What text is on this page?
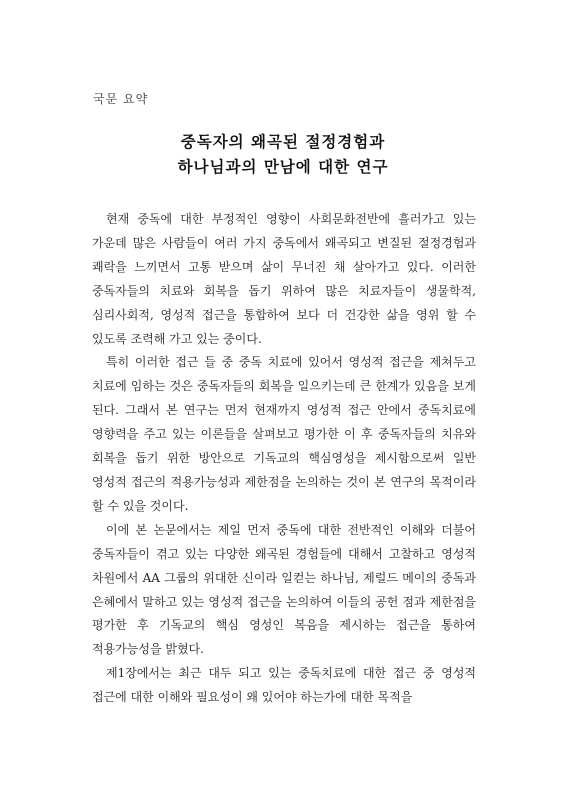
국문 요약
중독자의 왜곡된 절정경험과
하나님과의 만남에 대한 연구

현재 중독에 대한 부정적인 영향이 사회문화전반에 흘러가고 있는 가운데 많은 사람들이 여러 가지 중독에서 왜곡되고 변질된 절정경험과 쾌락을 느끼면서 고통 받으며 삶이 무너진 채 살아가고 있다. 이러한 중독자들의 치료와 회복을 돕기 위하여 많은 치료자들이 생물학적, 심리사회적, 영성적 접근을 통합하여 보다 더 건강한 삶을 영위 할 수 있도록 조력해 가고 있는 중이다.

특히 이러한 접근 들 중 중독 치료에 있어서 영성적 접근을 제쳐두고 치료에 임하는 것은 중독자들의 회복을 일으키는데 큰 한계가 있음을 보게 된다. 그래서 본 연구는 먼저 현재까지 영성적 접근 안에서 중독치료에 영향력을 주고 있는 이론들을 살펴보고 평가한 이 후 중독자들의 치유와 회복을 돕기 위한 방안으로 기독교의 핵심영성을 제시함으로써 일반 영성적 접근의 적용가능성과 제한점을 논의하는 것이 본 연구의 목적이라 할 수 있을 것이다.

이에 본 논문에서는 제일 먼저 중독에 대한 전반적인 이해와 더불어 중독자들이 겪고 있는 다양한 왜곡된 경험들에 대해서 고찰하고 영성적 차원에서 AA 그룹의 위대한 신이라 일컫는 하나님, 제럴드 메이의 중독과 은혜에서 말하고 있는 영성적 접근을 논의하여 이들의 공헌 점과 제한점을 평가한 후 기독교의 핵심 영성인 복음을 제시하는 접근을 통하여 적용가능성을 밝혔다.

제1장에서는 최근 대두 되고 있는 중독치료에 대한 접근 중 영성적 접근에 대한 이해와 필요성이 왜 있어야 하는가에 대한 목적을
